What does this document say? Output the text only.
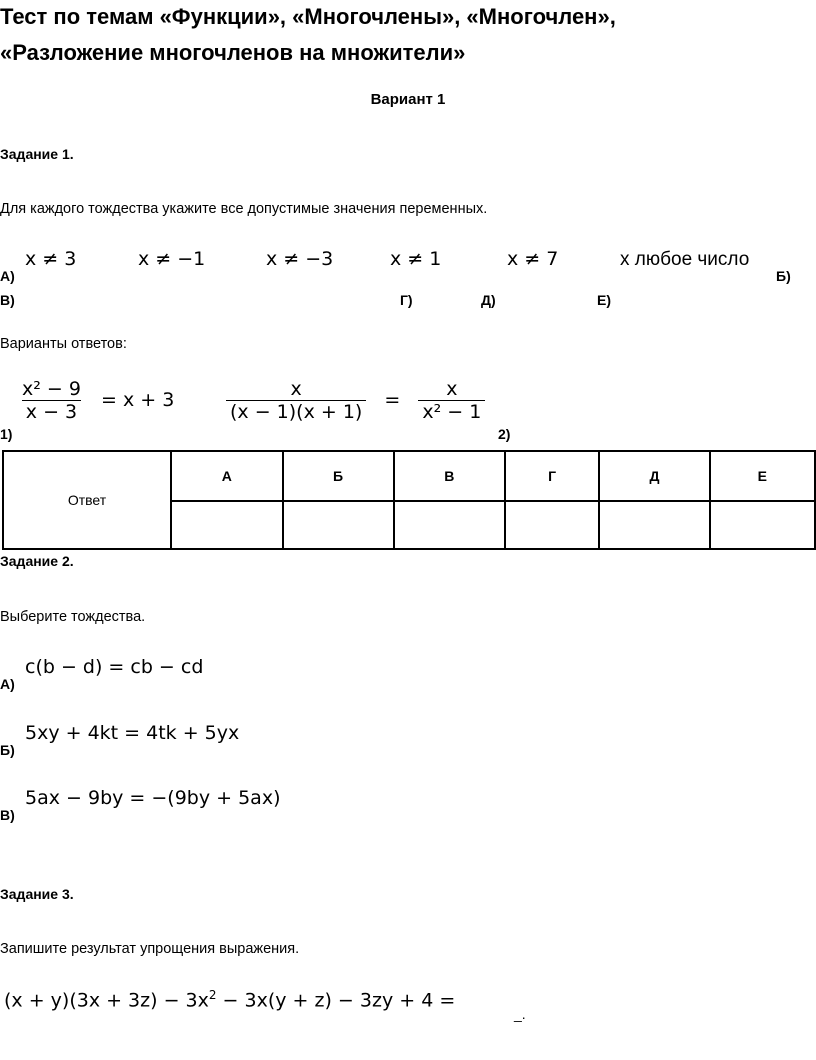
Тест по темам «Функции», «Многочлены», «Многочлен»,
«Разложение многочленов на множители»
Вариант 1
Задание 1.
Для каждого тождества укажите все допустимые значения переменных.
x ≠ 3	x ≠ −1	x ≠ −3	x ≠ 1	x ≠ 7	x любое число
А)	Б)
В)	Г)	Д)	Е)
Варианты ответов:
$\frac{\text{x² − 9}}{x - 3} = x + 3$
1)
$\frac{x}{(x - 1)(x + 1)} = \frac{x}{\text{x² − 1}}$
2)
Ответ	А	Б	В	Г	Д	Е

Задание 2.
Выберите тождества.
c(b − d) = cb − cd
А)
5xy + 4kt = 4tk + 5yx
Б)
5ax − 9by = −(9by + 5ax)
В)
Задание 3.
Запишите результат упрощения выражения.
$(x + y)(3x + 3z) - 3x^2 - 3x(y + z) - 3zy + 4$ =
_.
